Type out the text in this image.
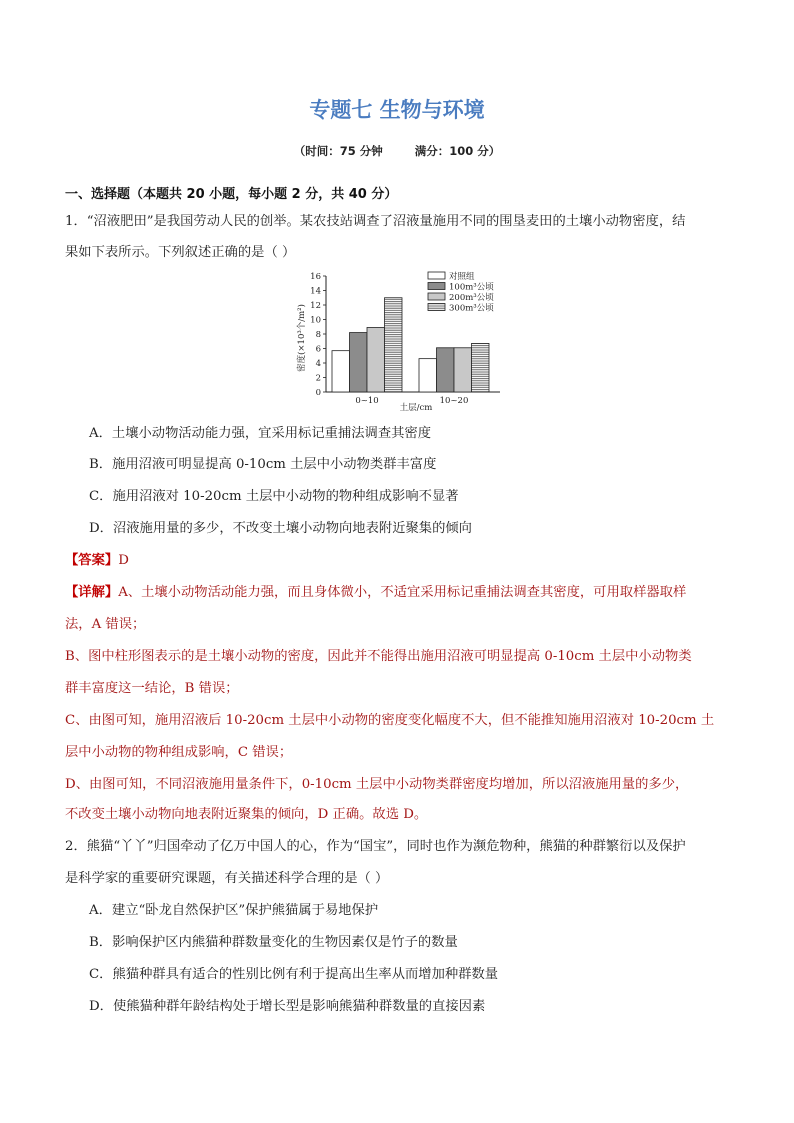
专题七 生物与环境
（时间：75 分钟	满分：100 分）
一、选择题（本题共 20 小题，每小题 2 分，共 40 分）
1．“沼液肥田”是我国劳动人民的创举。某农技站调查了沼液量施用不同的围垦麦田的土壤小动物密度，结
果如下表所示。下列叙述正确的是（ ）
0
2
4
6
8
10
12
14
16
0~10	10~20
密度(×10³个/m²)
土层/cm
对照组
100m³公顷
200m³公顷
300m³公顷
A．土壤小动物活动能力强，宜采用标记重捕法调查其密度
B．施用沼液可明显提高 0-10cm 土层中小动物类群丰富度
C．施用沼液对 10-20cm 土层中小动物的物种组成影响不显著
D．沼液施用量的多少，不改变土壤小动物向地表附近聚集的倾向
【答案】D
【详解】A、土壤小动物活动能力强，而且身体微小，不适宜采用标记重捕法调查其密度，可用取样器取样
法，A 错误；
B、图中柱形图表示的是土壤小动物的密度，因此并不能得出施用沼液可明显提高 0-10cm 土层中小动物类
群丰富度这一结论，B 错误；
C、由图可知，施用沼液后 10-20cm 土层中小动物的密度变化幅度不大，但不能推知施用沼液对 10-20cm 土
层中小动物的物种组成影响，C 错误；
D、由图可知，不同沼液施用量条件下，0-10cm 土层中小动物类群密度均增加，所以沼液施用量的多少，
不改变土壤小动物向地表附近聚集的倾向，D 正确。故选 D。
2．熊猫“丫丫”归国牵动了亿万中国人的心，作为“国宝”，同时也作为濒危物种，熊猫的种群繁衍以及保护
是科学家的重要研究课题，有关描述科学合理的是（ ）
A．建立“卧龙自然保护区”保护熊猫属于易地保护
B．影响保护区内熊猫种群数量变化的生物因素仅是竹子的数量
C．熊猫种群具有适合的性别比例有利于提高出生率从而增加种群数量
D．使熊猫种群年龄结构处于增长型是影响熊猫种群数量的直接因素
